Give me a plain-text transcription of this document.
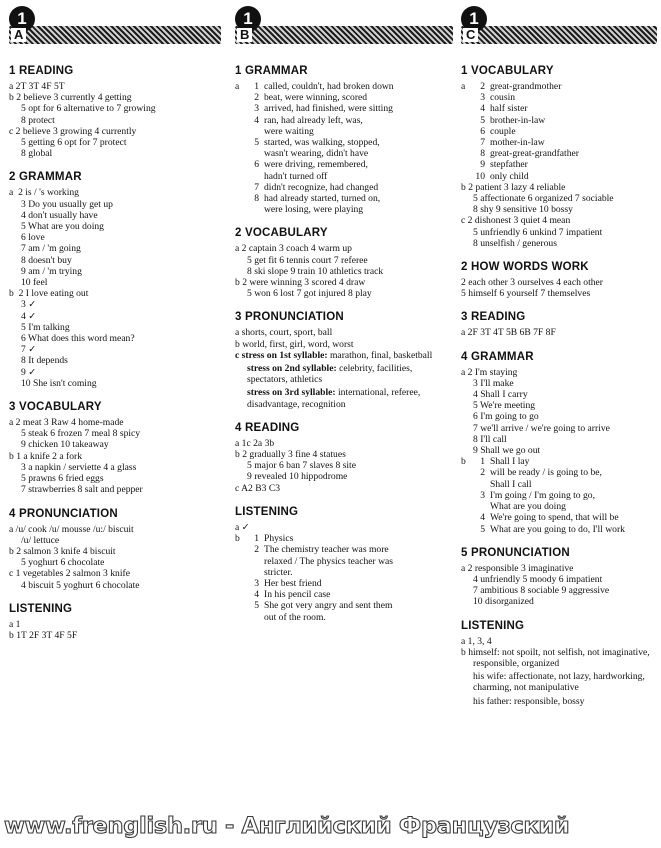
1
A
1 READING
a 2T 3T 4F 5T
b 2 believe 3 currently 4 getting
5 opt for 6 alternative to 7 growing
8 protect
c 2 believe 3 growing 4 currently
5 getting 6 opt for 7 protect
8 global
2 GRAMMAR
a  2 is / 's working
3 Do you usually get up
4 don't usually have
5 What are you doing
6 love
7 am / 'm going
8 doesn't buy
9 am / 'm trying
10 feel
b  2 I love eating out
3 ✓
4 ✓
5 I'm talking
6 What does this word mean?
7 ✓
8 It depends
9 ✓
10 She isn't coming
3 VOCABULARY
a 2 meat 3 Raw 4 home-made
5 steak 6 frozen 7 meal 8 spicy
9 chicken 10 takeaway
b 1 a knife 2 a fork
3 a napkin / serviette 4 a glass
5 prawns 6 fried eggs
7 strawberries 8 salt and pepper
4 PRONUNCIATION
a /u/ cook /u/ mousse /u:/ biscuit
/u/ lettuce
b 2 salmon 3 knife 4 biscuit
5 yoghurt 6 chocolate
c 1 vegetables 2 salmon 3 knife
4 biscuit 5 yoghurt 6 chocolate
LISTENING
a 1
b 1T 2F 3T 4F 5F
1
B
1 GRAMMAR
a	1 called, couldn't, had broken down
2 beat, were winning, scored
3 arrived, had finished, were sitting
4 ran, had already left, was,
were waiting
5 started, was walking, stopped,
wasn't wearing, didn't have
6 were driving, remembered,
hadn't turned off
7 didn't recognize, had changed
8 had already started, turned on,
were losing, were playing
2 VOCABULARY
a 2 captain 3 coach 4 warm up
5 get fit 6 tennis court 7 referee
8 ski slope 9 train 10 athletics track
b 2 were winning 3 scored 4 draw
5 won 6 lost 7 got injured 8 play
3 PRONUNCIATION
a shorts, court, sport, ball
b world, first, girl, word, worst
c stress on 1st syllable: marathon, final, basketball
stress on 2nd syllable: celebrity, facilities, spectators, athletics
stress on 3rd syllable: international, referee, disadvantage, recognition
4 READING
a 1c 2a 3b
b 2 gradually 3 fine 4 statues
5 major 6 ban 7 slaves 8 site
9 revealed 10 hippodrome
c A2 B3 C3
LISTENING
a ✓
b	1 Physics
2 The chemistry teacher was more
relaxed / The physics teacher was
stricter.
3 Her best friend
4 In his pencil case
5 She got very angry and sent them
out of the room.
1
C
1 VOCABULARY
a	2 great-grandmother
3 cousin
4 half sister
5 brother-in-law
6 couple
7 mother-in-law
8 great-great-grandfather
9 stepfather
10 only child
b 2 patient 3 lazy 4 reliable
5 affectionate 6 organized 7 sociable
8 shy 9 sensitive 10 bossy
c 2 dishonest 3 quiet 4 mean
5 unfriendly 6 unkind 7 impatient
8 unselfish / generous
2 HOW WORDS WORK
2 each other 3 ourselves 4 each other
5 himself 6 yourself 7 themselves
3 READING
a 2F 3T 4T 5B 6B 7F 8F
4 GRAMMAR
a 2 I'm staying
3 I'll make
4 Shall I carry
5 We're meeting
6 I'm going to go
7 we'll arrive / we're going to arrive
8 I'll call
9 Shall we go out
b	1 Shall I lay
2 will be ready / is going to be,
Shall I call
3 I'm going / I'm going to go,
What are you doing
4 We're going to spend, that will be
5 What are you going to do, I'll work
5 PRONUNCIATION
a 2 responsible 3 imaginative
4 unfriendly 5 moody 6 impatient
7 ambitious 8 sociable 9 aggressive
10 disorganized
LISTENING
a 1, 3, 4
b himself: not spoilt, not selfish, not imaginative, responsible, organized
his wife: affectionate, not lazy, hardworking, charming, not manipulative
his father: responsible, bossy
www.frenglish.ru - Английский Французский
